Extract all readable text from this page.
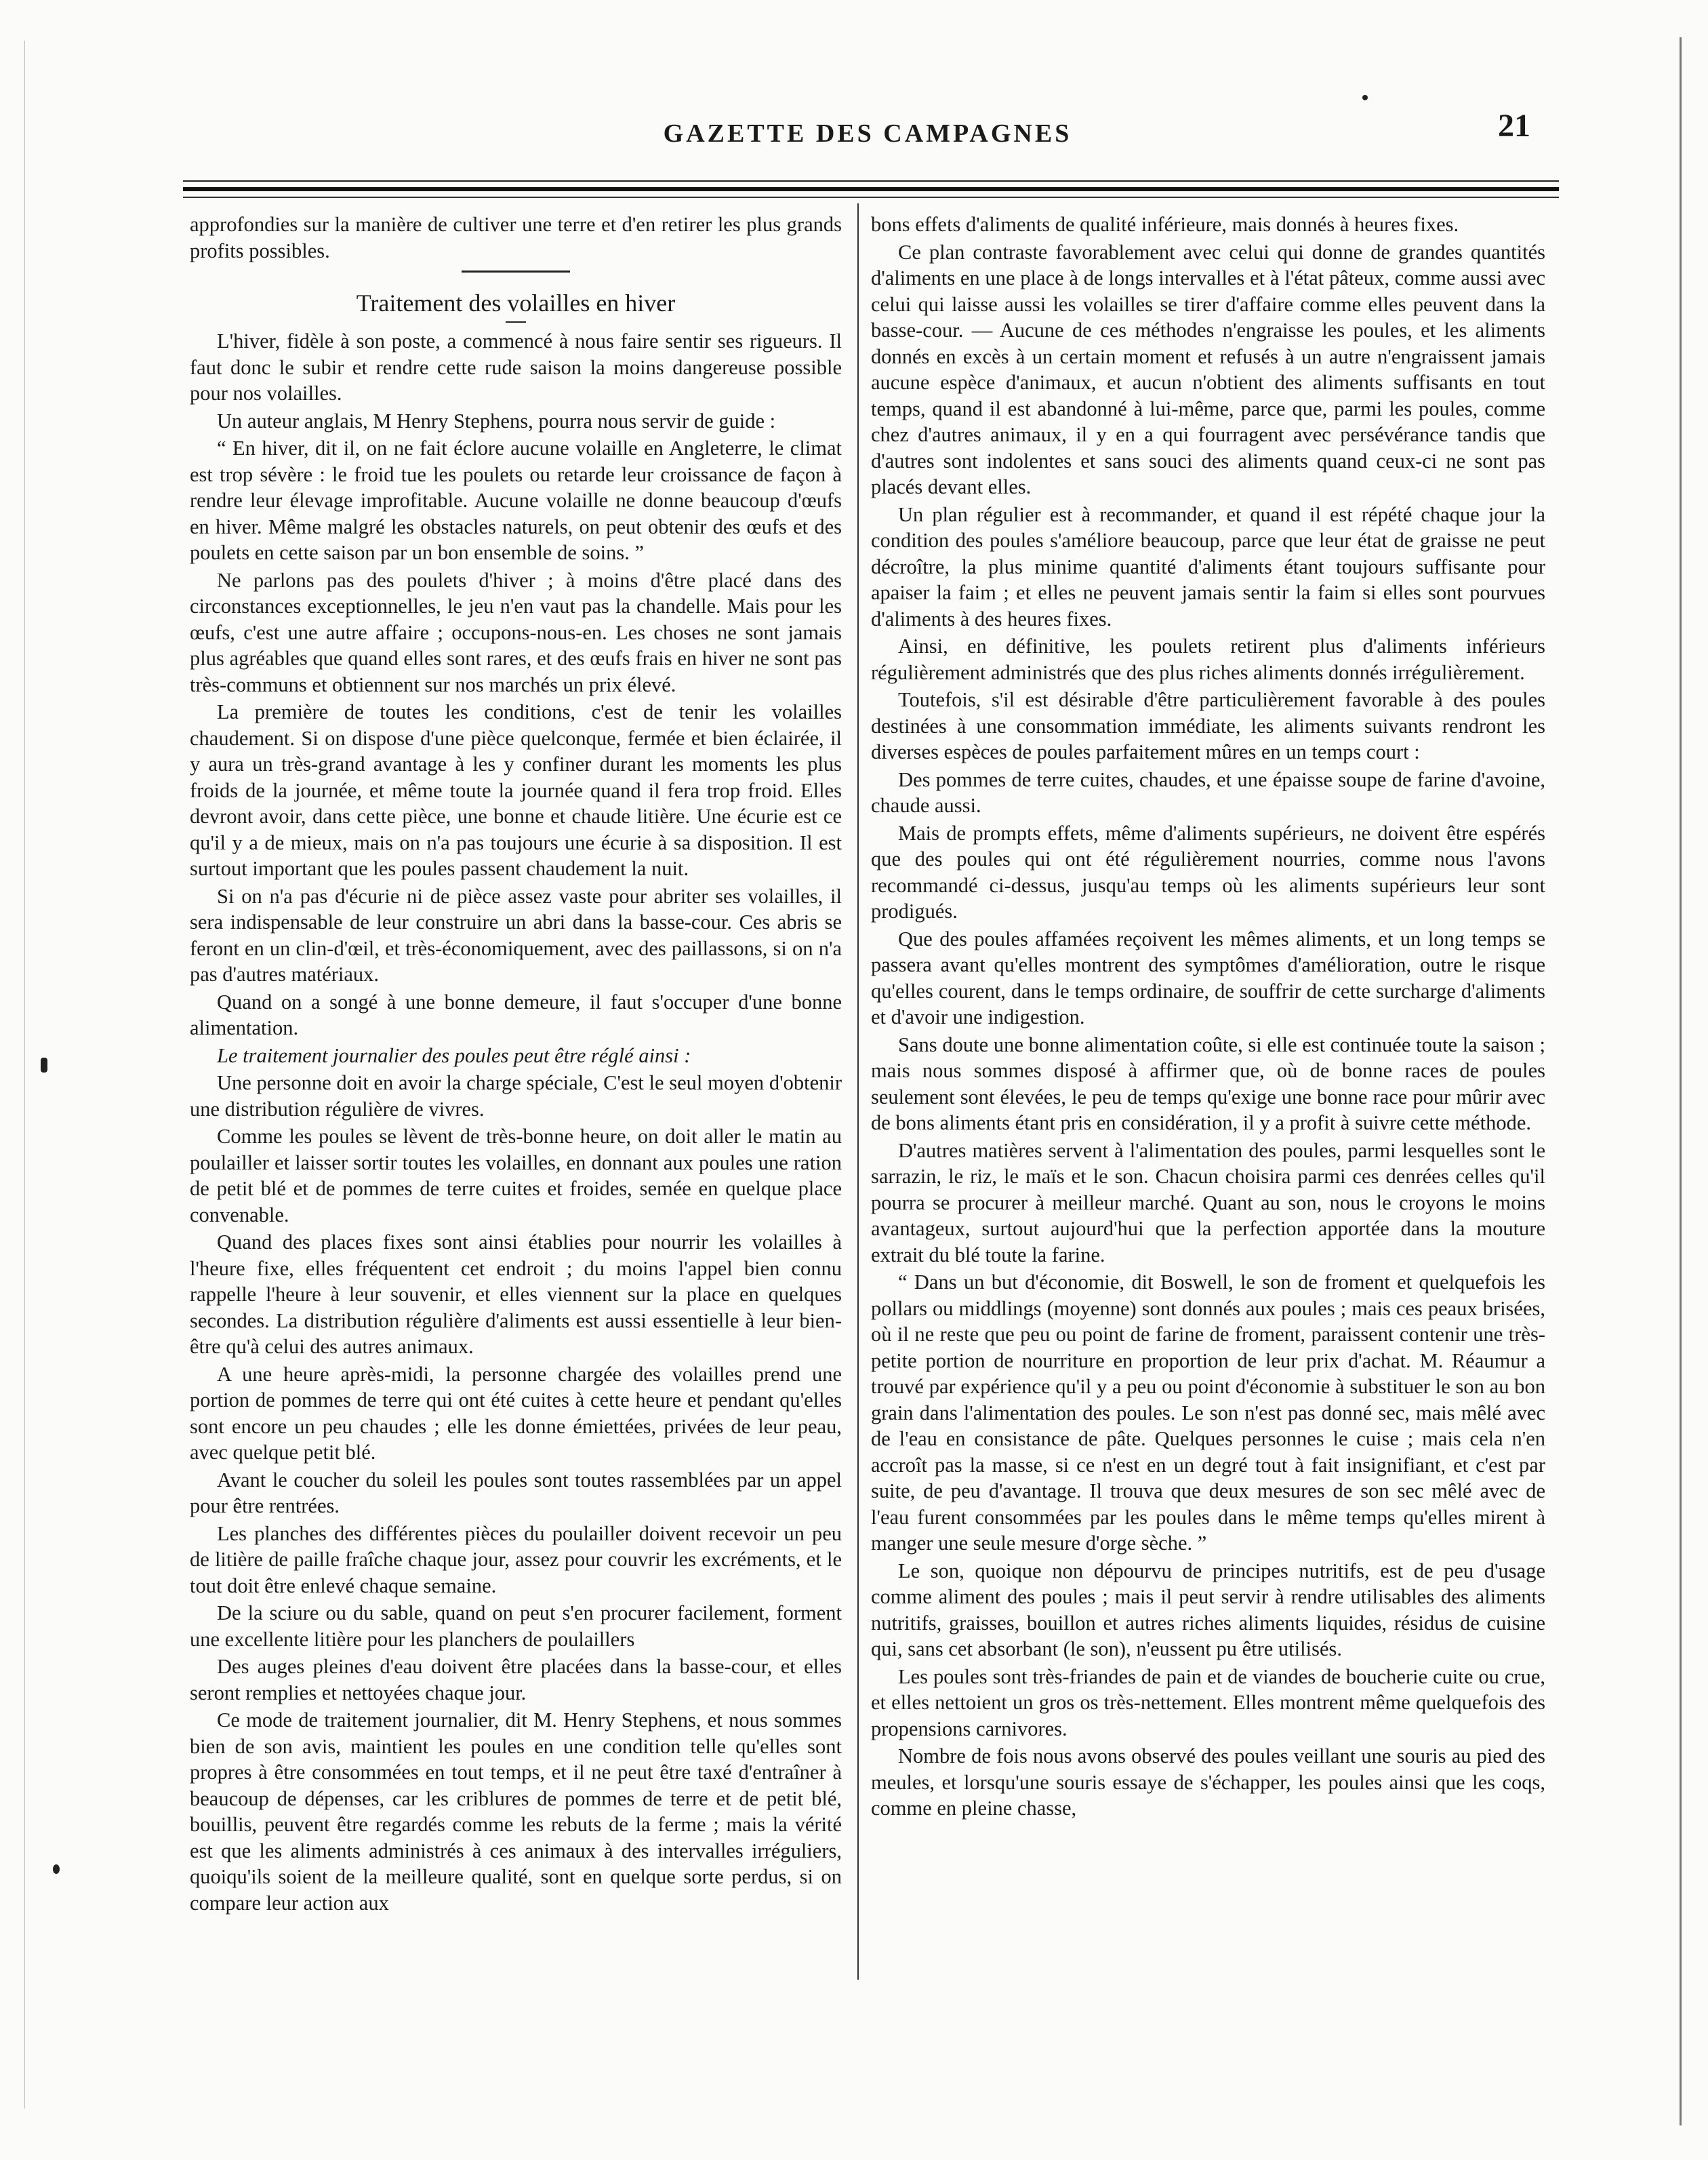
GAZETTE DES CAMPAGNES	21

approfondies sur la manière de cultiver une terre et d'en retirer les plus grands profits possibles.

Traitement des volailles en hiver

L'hiver, fidèle à son poste, a commencé à nous faire sentir ses rigueurs. Il faut donc le subir et rendre cette rude saison la moins dangereuse possible pour nos volailles.

Un auteur anglais, M Henry Stephens, pourra nous servir de guide :

“ En hiver, dit il, on ne fait éclore aucune volaille en Angleterre, le climat est trop sévère : le froid tue les poulets ou retarde leur croissance de façon à rendre leur élevage improfitable. Aucune volaille ne donne beaucoup d'œufs en hiver. Même malgré les obstacles naturels, on peut obtenir des œufs et des poulets en cette saison par un bon ensemble de soins. ”

Ne parlons pas des poulets d'hiver ; à moins d'être placé dans des circonstances exceptionnelles, le jeu n'en vaut pas la chandelle. Mais pour les œufs, c'est une autre affaire ; occupons-nous-en. Les choses ne sont jamais plus agréables que quand elles sont rares, et des œufs frais en hiver ne sont pas très-communs et obtiennent sur nos marchés un prix élevé.

La première de toutes les conditions, c'est de tenir les volailles chaudement. Si on dispose d'une pièce quelconque, fermée et bien éclairée, il y aura un très-grand avantage à les y confiner durant les moments les plus froids de la journée, et même toute la journée quand il fera trop froid. Elles devront avoir, dans cette pièce, une bonne et chaude litière. Une écurie est ce qu'il y a de mieux, mais on n'a pas toujours une écurie à sa disposition. Il est surtout important que les poules passent chaudement la nuit.

Si on n'a pas d'écurie ni de pièce assez vaste pour abriter ses volailles, il sera indispensable de leur construire un abri dans la basse-cour. Ces abris se feront en un clin-d'œil, et très-économiquement, avec des paillassons, si on n'a pas d'autres matériaux.

Quand on a songé à une bonne demeure, il faut s'occuper d'une bonne alimentation.

Le traitement journalier des poules peut être réglé ainsi :

Une personne doit en avoir la charge spéciale, C'est le seul moyen d'obtenir une distribution régulière de vivres.

Comme les poules se lèvent de très-bonne heure, on doit aller le matin au poulailler et laisser sortir toutes les volailles, en donnant aux poules une ration de petit blé et de pommes de terre cuites et froides, semée en quelque place convenable.

Quand des places fixes sont ainsi établies pour nourrir les volailles à l'heure fixe, elles fréquentent cet endroit ; du moins l'appel bien connu rappelle l'heure à leur souvenir, et elles viennent sur la place en quelques secondes. La distribution régulière d'aliments est aussi essentielle à leur bien-être qu'à celui des autres animaux.

A une heure après-midi, la personne chargée des volailles prend une portion de pommes de terre qui ont été cuites à cette heure et pendant qu'elles sont encore un peu chaudes ; elle les donne émiettées, privées de leur peau, avec quelque petit blé.

Avant le coucher du soleil les poules sont toutes rassemblées par un appel pour être rentrées.

Les planches des différentes pièces du poulailler doivent recevoir un peu de litière de paille fraîche chaque jour, assez pour couvrir les excréments, et le tout doit être enlevé chaque semaine.

De la sciure ou du sable, quand on peut s'en procurer facilement, forment une excellente litière pour les planchers de poulaillers

Des auges pleines d'eau doivent être placées dans la basse-cour, et elles seront remplies et nettoyées chaque jour.

Ce mode de traitement journalier, dit M. Henry Stephens, et nous sommes bien de son avis, maintient les poules en une condition telle qu'elles sont propres à être consommées en tout temps, et il ne peut être taxé d'entraîner à beaucoup de dépenses, car les criblures de pommes de terre et de petit blé, bouillis, peuvent être regardés comme les rebuts de la ferme ; mais la vérité est que les aliments administrés à ces animaux à des intervalles irréguliers, quoiqu'ils soient de la meilleure qualité, sont en quelque sorte perdus, si on compare leur action aux

bons effets d'aliments de qualité inférieure, mais donnés à heures fixes.

Ce plan contraste favorablement avec celui qui donne de grandes quantités d'aliments en une place à de longs intervalles et à l'état pâteux, comme aussi avec celui qui laisse aussi les volailles se tirer d'affaire comme elles peuvent dans la basse-cour. — Aucune de ces méthodes n'engraisse les poules, et les aliments donnés en excès à un certain moment et refusés à un autre n'engraissent jamais aucune espèce d'animaux, et aucun n'obtient des aliments suffisants en tout temps, quand il est abandonné à lui-même, parce que, parmi les poules, comme chez d'autres animaux, il y en a qui fourragent avec persévérance tandis que d'autres sont indolentes et sans souci des aliments quand ceux-ci ne sont pas placés devant elles.

Un plan régulier est à recommander, et quand il est répété chaque jour la condition des poules s'améliore beaucoup, parce que leur état de graisse ne peut décroître, la plus minime quantité d'aliments étant toujours suffisante pour apaiser la faim ; et elles ne peuvent jamais sentir la faim si elles sont pourvues d'aliments à des heures fixes.

Ainsi, en définitive, les poulets retirent plus d'aliments inférieurs régulièrement administrés que des plus riches aliments donnés irrégulièrement.

Toutefois, s'il est désirable d'être particulièrement favorable à des poules destinées à une consommation immédiate, les aliments suivants rendront les diverses espèces de poules parfaitement mûres en un temps court :

Des pommes de terre cuites, chaudes, et une épaisse soupe de farine d'avoine, chaude aussi.

Mais de prompts effets, même d'aliments supérieurs, ne doivent être espérés que des poules qui ont été régulièrement nourries, comme nous l'avons recommandé ci-dessus, jusqu'au temps où les aliments supérieurs leur sont prodigués.

Que des poules affamées reçoivent les mêmes aliments, et un long temps se passera avant qu'elles montrent des symptômes d'amélioration, outre le risque qu'elles courent, dans le temps ordinaire, de souffrir de cette surcharge d'aliments et d'avoir une indigestion.

Sans doute une bonne alimentation coûte, si elle est continuée toute la saison ; mais nous sommes disposé à affirmer que, où de bonne races de poules seulement sont élevées, le peu de temps qu'exige une bonne race pour mûrir avec de bons aliments étant pris en considération, il y a profit à suivre cette méthode.

D'autres matières servent à l'alimentation des poules, parmi lesquelles sont le sarrazin, le riz, le maïs et le son. Chacun choisira parmi ces denrées celles qu'il pourra se procurer à meilleur marché. Quant au son, nous le croyons le moins avantageux, surtout aujourd'hui que la perfection apportée dans la mouture extrait du blé toute la farine.

“ Dans un but d'économie, dit Boswell, le son de froment et quelquefois les pollars ou middlings (moyenne) sont donnés aux poules ; mais ces peaux brisées, où il ne reste que peu ou point de farine de froment, paraissent contenir une très-petite portion de nourriture en proportion de leur prix d'achat. M. Réaumur a trouvé par expérience qu'il y a peu ou point d'économie à substituer le son au bon grain dans l'alimentation des poules. Le son n'est pas donné sec, mais mêlé avec de l'eau en consistance de pâte. Quelques personnes le cuise ; mais cela n'en accroît pas la masse, si ce n'est en un degré tout à fait insignifiant, et c'est par suite, de peu d'avantage. Il trouva que deux mesures de son sec mêlé avec de l'eau furent consommées par les poules dans le même temps qu'elles mirent à manger une seule mesure d'orge sèche. ”

Le son, quoique non dépourvu de principes nutritifs, est de peu d'usage comme aliment des poules ; mais il peut servir à rendre utilisables des aliments nutritifs, graisses, bouillon et autres riches aliments liquides, résidus de cuisine qui, sans cet absorbant (le son), n'eussent pu être utilisés.

Les poules sont très-friandes de pain et de viandes de boucherie cuite ou crue, et elles nettoient un gros os très-nettement. Elles montrent même quelquefois des propensions carnivores.

Nombre de fois nous avons observé des poules veillant une souris au pied des meules, et lorsqu'une souris essaye de s'échapper, les poules ainsi que les coqs, comme en pleine chasse,
